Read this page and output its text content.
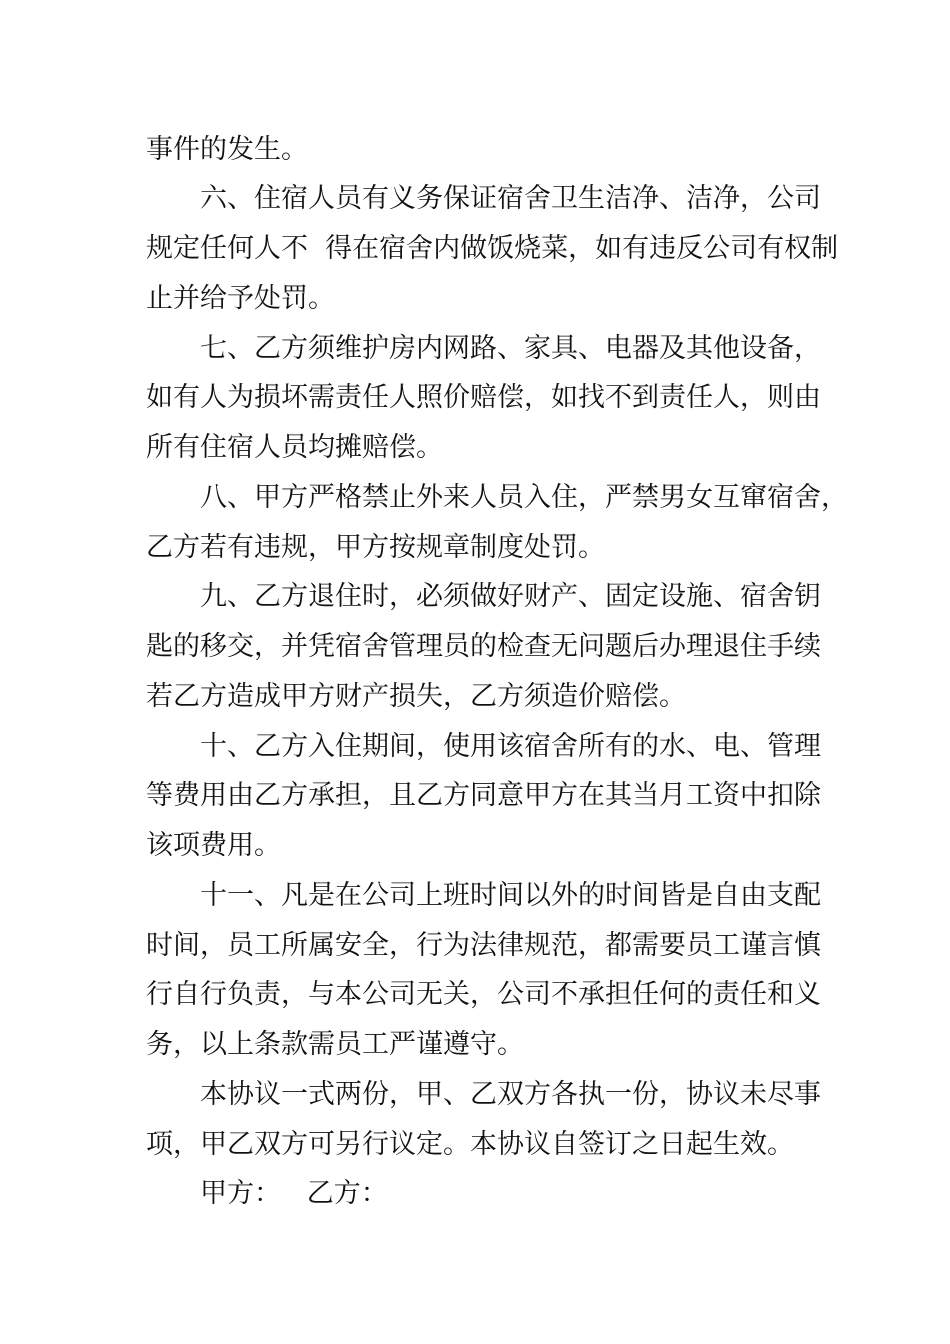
事件的发生。
六、住宿人员有义务保证宿舍卫生洁净、洁净，公司
规定任何人不  得在宿舍内做饭烧菜，如有违反公司有权制
止并给予处罚。
七、乙方须维护房内网路、家具、电器及其他设备，
如有人为损坏需责任人照价赔偿，如找不到责任人，则由
所有住宿人员均摊赔偿。
八、甲方严格禁止外来人员入住，严禁男女互窜宿舍，
乙方若有违规，甲方按规章制度处罚。
九、乙方退住时，必须做好财产、固定设施、宿舍钥
匙的移交，并凭宿舍管理员的检查无问题后办理退住手续
若乙方造成甲方财产损失，乙方须造价赔偿。
十、乙方入住期间，使用该宿舍所有的水、电、管理
等费用由乙方承担，且乙方同意甲方在其当月工资中扣除
该项费用。
十一、凡是在公司上班时间以外的时间皆是自由支配
时间，员工所属安全，行为法律规范，都需要员工谨言慎
行自行负责，与本公司无关，公司不承担任何的责任和义
务，以上条款需员工严谨遵守。
本协议一式两份，甲、乙双方各执一份，协议未尽事
项，甲乙双方可另行议定。本协议自签订之日起生效。
甲方：   乙方：
